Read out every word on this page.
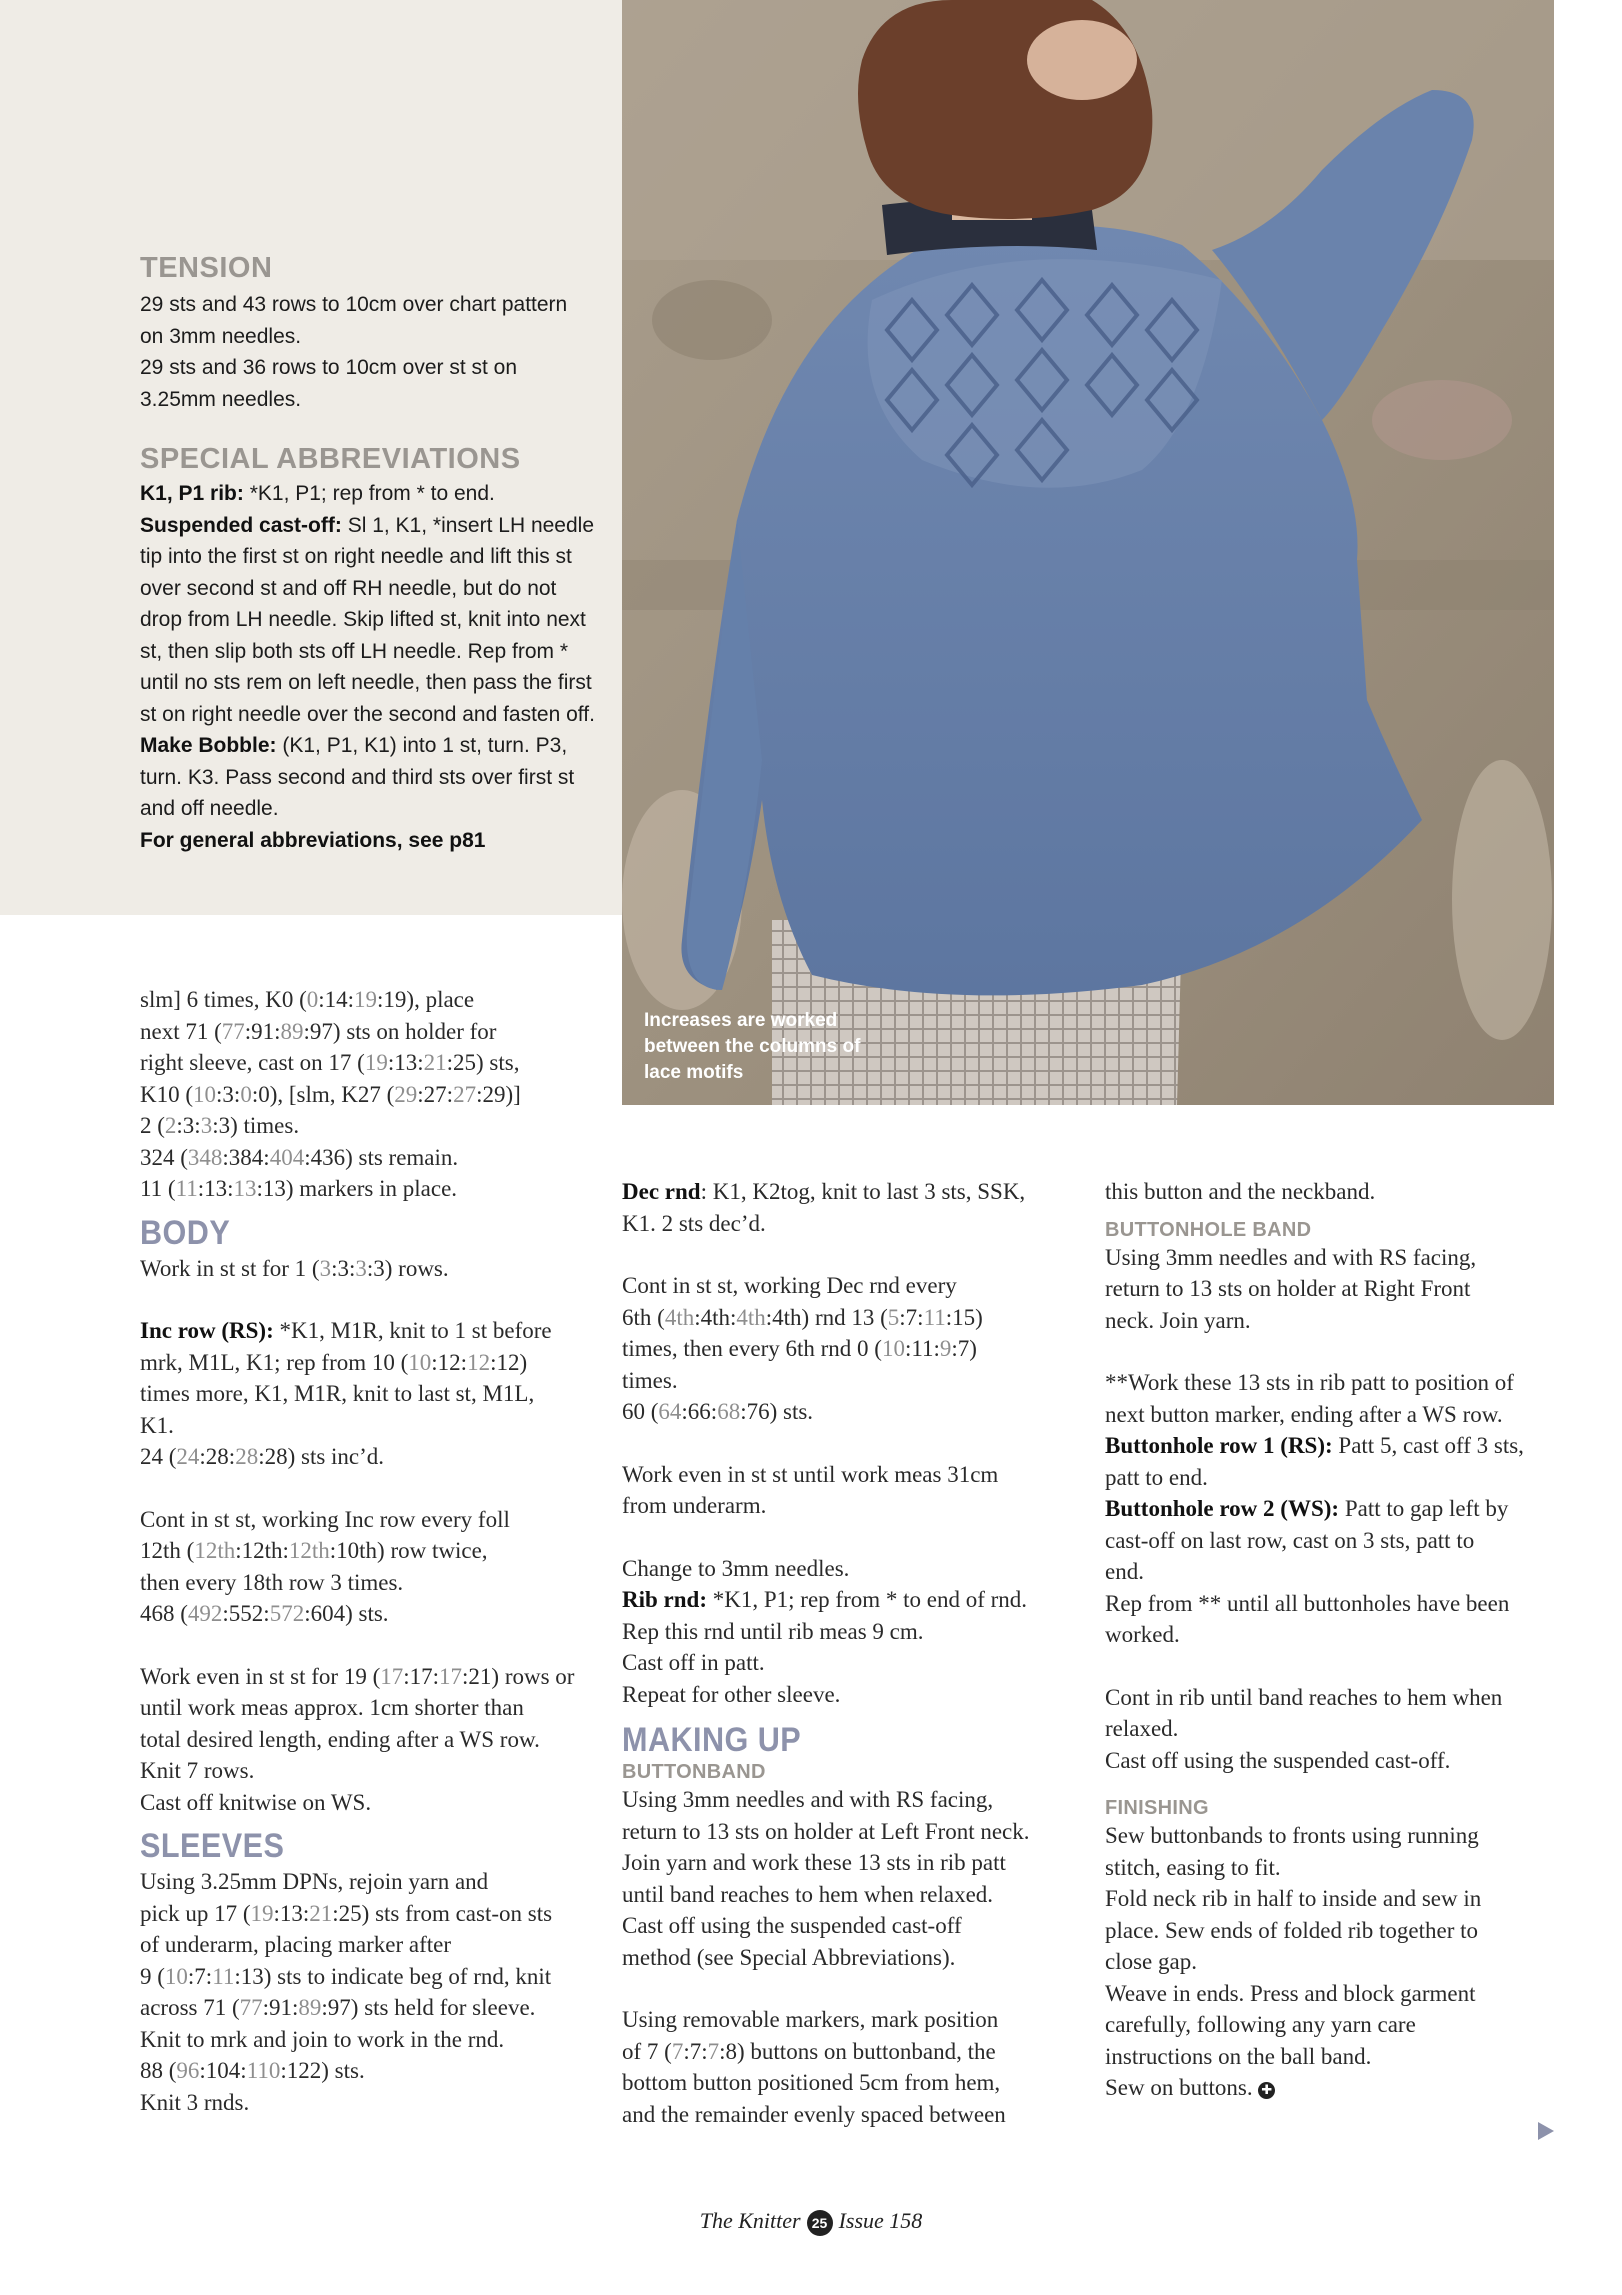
TENSION
29 sts and 43 rows to 10cm over chart pattern
on 3mm needles.
29 sts and 36 rows to 10cm over st st on
3.25mm needles.
SPECIAL ABBREVIATIONS
K1, P1 rib: *K1, P1; rep from * to end.
Suspended cast-off: Sl 1, K1, *insert LH needle tip into the first st on right needle and lift this st over second st and off RH needle, but do not drop from LH needle. Skip lifted st, knit into next st, then slip both sts off LH needle. Rep from * until no sts rem on left needle, then pass the first st on right needle over the second and fasten off.
Make Bobble: (K1, P1, K1) into 1 st, turn. P3, turn. K3. Pass second and third sts over first st and off needle.
For general abbreviations, see p81
Increases are worked between the columns of lace motifs
slm] 6 times, K0 (0:14:19:19), place
next 71 (77:91:89:97) sts on holder for
right sleeve, cast on 17 (19:13:21:25) sts,
K10 (10:3:0:0), [slm, K27 (29:27:27:29)]
2 (2:3:3:3) times.
324 (348:384:404:436) sts remain.
11 (11:13:13:13) markers in place.
BODY
Work in st st for 1 (3:3:3:3) rows.
Inc row (RS): *K1, M1R, knit to 1 st before
mrk, M1L, K1; rep from 10 (10:12:12:12)
times more, K1, M1R, knit to last st, M1L,
K1.
24 (24:28:28:28) sts inc’d.
Cont in st st, working Inc row every foll
12th (12th:12th:12th:10th) row twice,
then every 18th row 3 times.
468 (492:552:572:604) sts.
Work even in st st for 19 (17:17:17:21) rows or
until work meas approx. 1cm shorter than
total desired length, ending after a WS row.
Knit 7 rows.
Cast off knitwise on WS.
SLEEVES
Using 3.25mm DPNs, rejoin yarn and
pick up 17 (19:13:21:25) sts from cast-on sts
of underarm, placing marker after
9 (10:7:11:13) sts to indicate beg of rnd, knit
across 71 (77:91:89:97) sts held for sleeve.
Knit to mrk and join to work in the rnd.
88 (96:104:110:122) sts.
Knit 3 rnds.
Dec rnd: K1, K2tog, knit to last 3 sts, SSK,
K1. 2 sts dec’d.
Cont in st st, working Dec rnd every
6th (4th:4th:4th:4th) rnd 13 (5:7:11:15)
times, then every 6th rnd 0 (10:11:9:7)
times.
60 (64:66:68:76) sts.
Work even in st st until work meas 31cm
from underarm.
Change to 3mm needles.
Rib rnd: *K1, P1; rep from * to end of rnd.
Rep this rnd until rib meas 9 cm.
Cast off in patt.
Repeat for other sleeve.
MAKING UP
BUTTONBAND
Using 3mm needles and with RS facing,
return to 13 sts on holder at Left Front neck.
Join yarn and work these 13 sts in rib patt
until band reaches to hem when relaxed.
Cast off using the suspended cast-off
method (see Special Abbreviations).
Using removable markers, mark position
of 7 (7:7:7:8) buttons on buttonband, the
bottom button positioned 5cm from hem,
and the remainder evenly spaced between
this button and the neckband.
BUTTONHOLE BAND
Using 3mm needles and with RS facing,
return to 13 sts on holder at Right Front
neck. Join yarn.
**Work these 13 sts in rib patt to position of
next button marker, ending after a WS row.
Buttonhole row 1 (RS): Patt 5, cast off 3 sts,
patt to end.
Buttonhole row 2 (WS): Patt to gap left by
cast-off on last row, cast on 3 sts, patt to
end.
Rep from ** until all buttonholes have been
worked.
Cont in rib until band reaches to hem when
relaxed.
Cast off using the suspended cast-off.
FINISHING
Sew buttonbands to fronts using running
stitch, easing to fit.
Fold neck rib in half to inside and sew in
place. Sew ends of folded rib together to
close gap.
Weave in ends. Press and block garment
carefully, following any yarn care
instructions on the ball band.
Sew on buttons. ✚
The Knitter 25 Issue 158
